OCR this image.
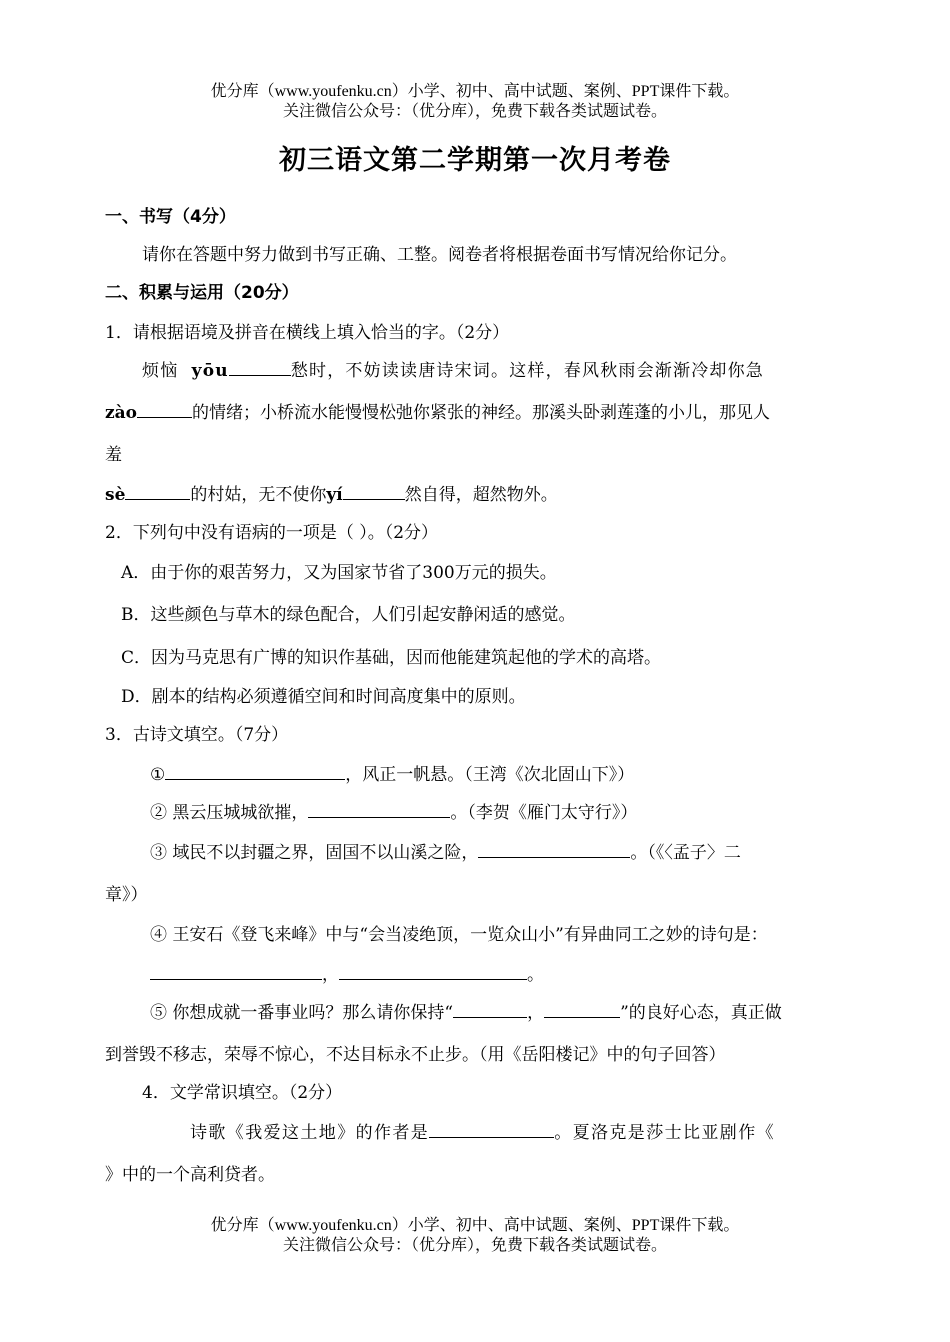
优分库（www.youfenku.cn）小学、初中、高中试题、案例、PPT课件下载。
关注微信公众号：（优分库），免费下载各类试题试卷。
初三语文第二学期第一次月考卷
一、书写（4分）
请你在答题中努力做到书写正确、工整。阅卷者将根据卷面书写情况给你记分。
二、积累与运用（20分）
1．请根据语境及拼音在横线上填入恰当的字。（2分）
烦恼 yōu	愁时，不妨读读唐诗宋词。这样，春风秋雨会渐渐冷却你急
zào	的情绪；小桥流水能慢慢松弛你紧张的神经。那溪头卧剥莲蓬的小儿，那见人
羞
sè	的村姑，无不使你yí	然自得，超然物外。
2．下列句中没有语病的一项是（ ）。（2分）
A．由于你的艰苦努力，又为国家节省了300万元的损失。
B．这些颜色与草木的绿色配合，人们引起安静闲适的感觉。
C．因为马克思有广博的知识作基础，因而他能建筑起他的学术的高塔。
D．剧本的结构必须遵循空间和时间高度集中的原则。
3．古诗文填空。（7分）
①	，风正一帆悬。（王湾《次北固山下》）
② 黑云压城城欲摧，	。（李贺《雁门太守行》）
③ 域民不以封疆之界，固国不以山溪之险，	。（《〈孟子〉二
章》）
④ 王安石《登飞来峰》中与“会当凌绝顶，一览众山小”有异曲同工之妙的诗句是：
，	。
⑤ 你想成就一番事业吗？那么请你保持“	，	”的良好心态，真正做
到誉毁不移志，荣辱不惊心，不达目标永不止步。（用《岳阳楼记》中的句子回答）
4．文学常识填空。（2分）
诗歌《我爱这土地》的作者是	。夏洛克是莎士比亚剧作《
》中的一个高利贷者。
优分库（www.youfenku.cn）小学、初中、高中试题、案例、PPT课件下载。
关注微信公众号：（优分库），免费下载各类试题试卷。
